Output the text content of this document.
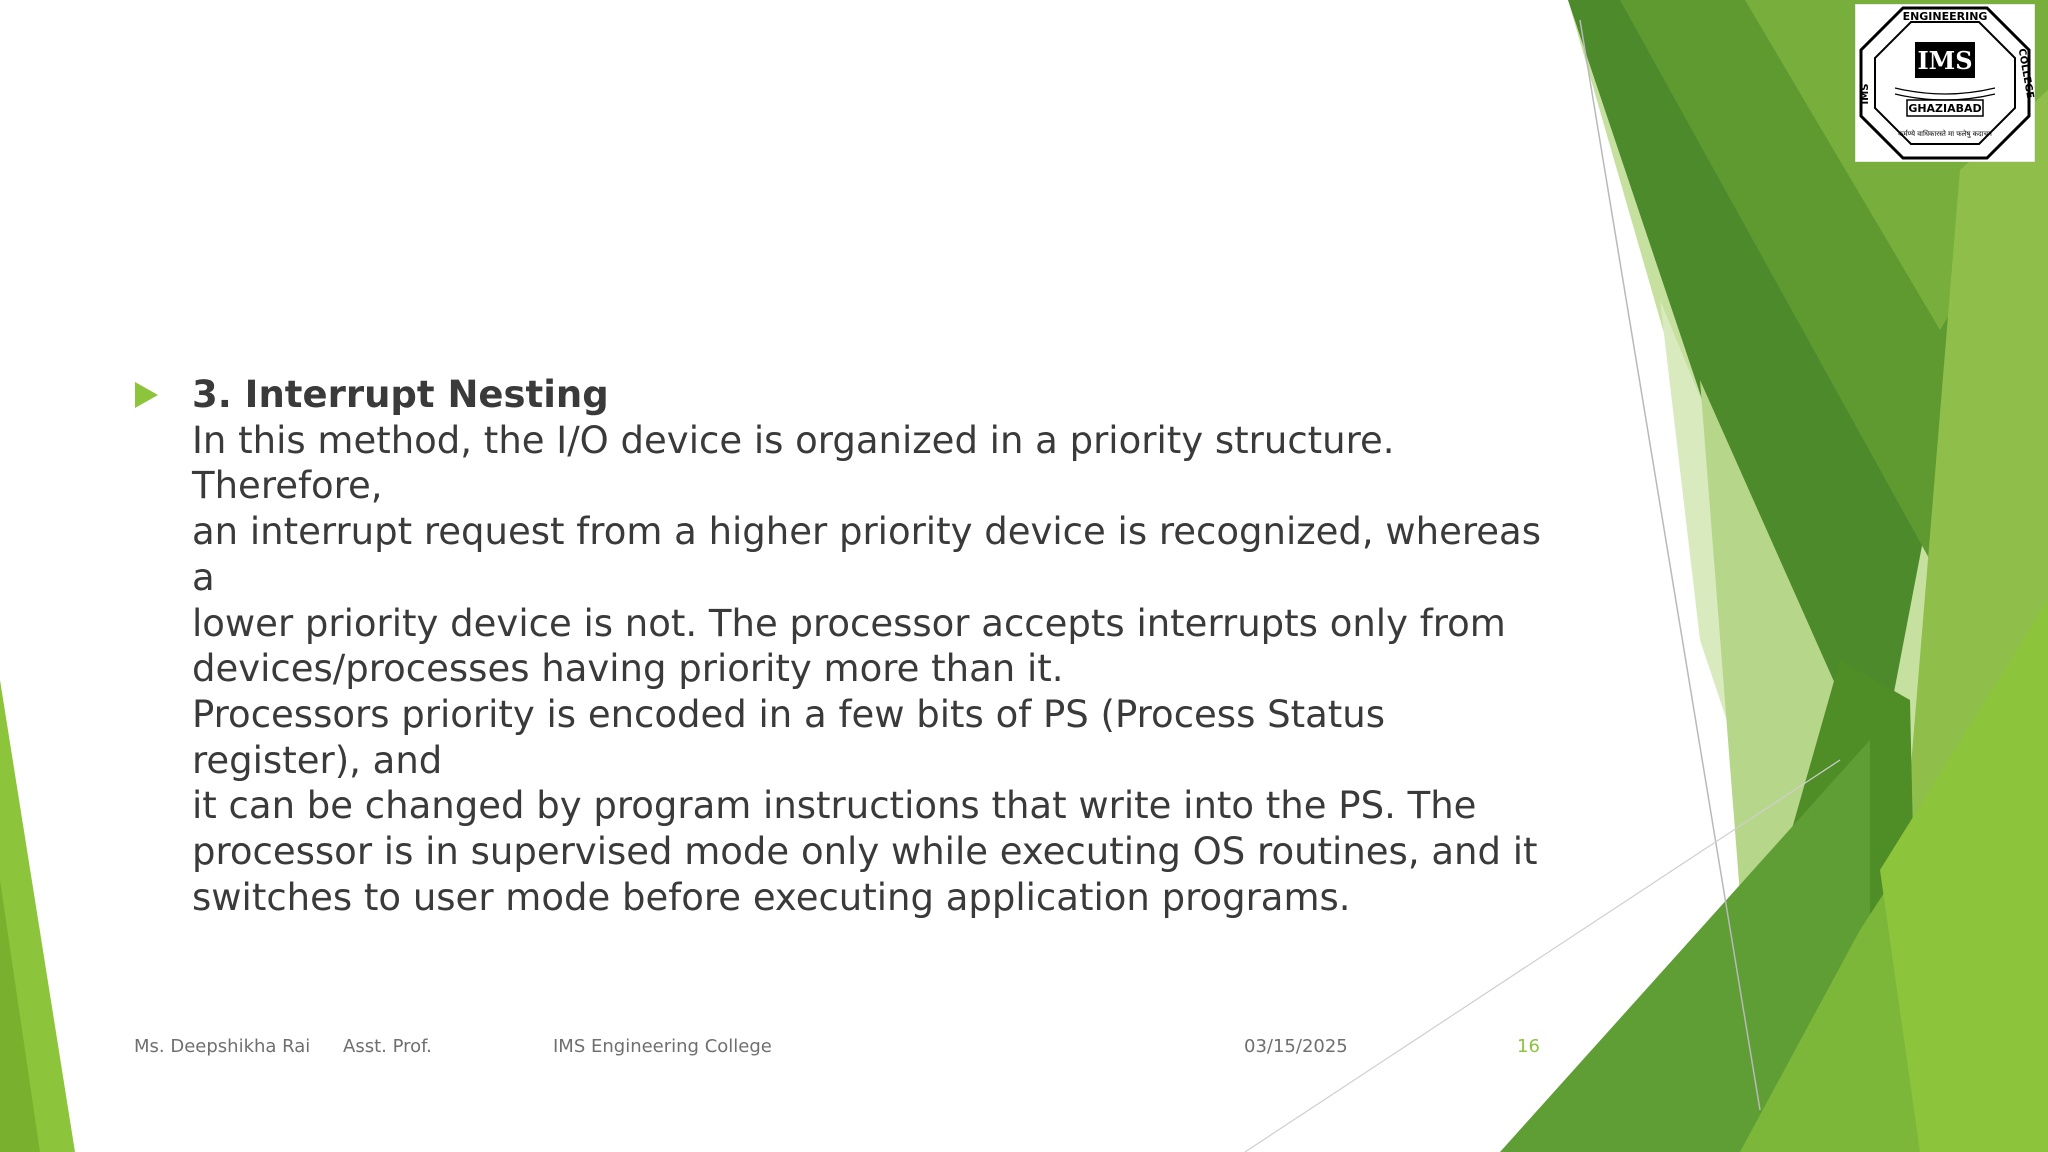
IMS
ENGINEERING
IMS	COLLEGE
GHAZIABAD
कर्मण्ये वाधिकारस्ते मा फलेषु कदाचन
3. Interrupt Nesting
In this method, the I/O device is organized in a priority structure. Therefore,
an interrupt request from a higher priority device is recognized, whereas a
lower priority device is not. The processor accepts interrupts only from
devices/processes having priority more than it.
Processors priority is encoded in a few bits of PS (Process Status register), and
it can be changed by program instructions that write into the PS. The
processor is in supervised mode only while executing OS routines, and it
switches to user mode before executing application programs.
Ms. Deepshikha Rai Asst. Prof.	IMS Engineering College	03/15/2025	16
